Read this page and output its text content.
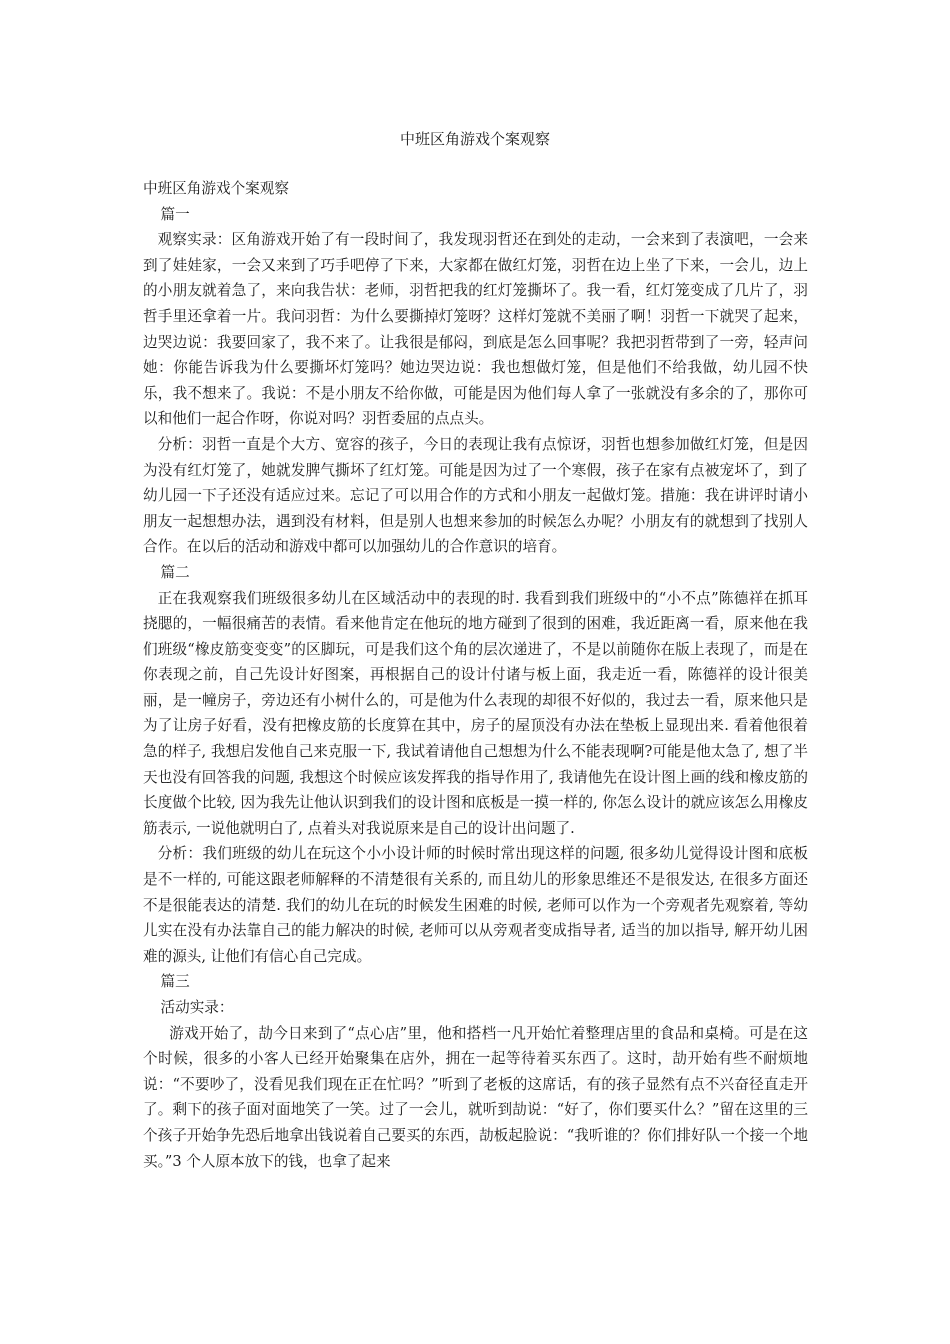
中班区角游戏个案观察

中班区角游戏个案观察

篇一

观察实录：区角游戏开始了有一段时间了，我发现羽哲还在到处的走动，一会来到了表演吧，一会来到了娃娃家，一会又来到了巧手吧停了下来，大家都在做红灯笼，羽哲在边上坐了下来，一会儿，边上的小朋友就着急了，来向我告状：老师，羽哲把我的红灯笼撕坏了。我一看，红灯笼变成了几片了，羽哲手里还拿着一片。我问羽哲：为什么要撕掉灯笼呀？这样灯笼就不美丽了啊！羽哲一下就哭了起来，边哭边说：我要回家了，我不来了。让我很是郁闷，到底是怎么回事呢？我把羽哲带到了一旁，轻声问她：你能告诉我为什么要撕坏灯笼吗？她边哭边说：我也想做灯笼，但是他们不给我做，幼儿园不快乐，我不想来了。我说：不是小朋友不给你做，可能是因为他们每人拿了一张就没有多余的了，那你可以和他们一起合作呀，你说对吗？羽哲委屈的点点头。

分析：羽哲一直是个大方、宽容的孩子，今日的表现让我有点惊讶，羽哲也想参加做红灯笼，但是因为没有红灯笼了，她就发脾气撕坏了红灯笼。可能是因为过了一个寒假，孩子在家有点被宠坏了，到了幼儿园一下子还没有适应过来。忘记了可以用合作的方式和小朋友一起做灯笼。措施：我在讲评时请小朋友一起想想办法，遇到没有材料，但是别人也想来参加的时候怎么办呢？小朋友有的就想到了找别人合作。在以后的活动和游戏中都可以加强幼儿的合作意识的培育。

篇二

正在我观察我们班级很多幼儿在区域活动中的表现的时. 我看到我们班级中的“小不点”陈德祥在抓耳挠腮的，一幅很痛苦的表情。看来他肯定在他玩的地方碰到了很到的困难，我近距离一看，原来他在我们班级“橡皮筋变变变”的区脚玩，可是我们这个角的层次递进了，不是以前随你在版上表现了，而是在你表现之前，自己先设计好图案，再根据自己的设计付诸与板上面，我走近一看，陈德祥的设计很美丽，是一幢房子，旁边还有小树什么的，可是他为什么表现的却很不好似的，我过去一看，原来他只是为了让房子好看，没有把橡皮筋的长度算在其中，房子的屋顶没有办法在垫板上显现出来. 看着他很着急的样子, 我想启发他自己来克服一下, 我试着请他自己想想为什么不能表现啊?可能是他太急了, 想了半天也没有回答我的问题, 我想这个时候应该发挥我的指导作用了, 我请他先在设计图上画的线和橡皮筋的长度做个比较, 因为我先让他认识到我们的设计图和底板是一摸一样的, 你怎么设计的就应该怎么用橡皮筋表示, 一说他就明白了, 点着头对我说原来是自己的设计出问题了.

分析：我们班级的幼儿在玩这个小小设计师的时候时常出现这样的问题, 很多幼儿觉得设计图和底板是不一样的, 可能这跟老师解释的不清楚很有关系的, 而且幼儿的形象思维还不是很发达, 在很多方面还不是很能表达的清楚. 我们的幼儿在玩的时候发生困难的时候, 老师可以作为一个旁观者先观察着, 等幼儿实在没有办法靠自己的能力解决的时候, 老师可以从旁观者变成指导者, 适当的加以指导, 解开幼儿困难的源头, 让他们有信心自己完成。

篇三

活动实录：

游戏开始了，劼今日来到了“点心店”里，他和搭档一凡开始忙着整理店里的食品和桌椅。可是在这个时候，很多的小客人已经开始聚集在店外，拥在一起等待着买东西了。这时，劼开始有些不耐烦地说：“不要吵了，没看见我们现在正在忙吗？”听到了老板的这席话，有的孩子显然有点不兴奋径直走开了。剩下的孩子面对面地笑了一笑。过了一会儿，就听到劼说：“好了，你们要买什么？”留在这里的三个孩子开始争先恐后地拿出钱说着自己要买的东西，劼板起脸说：“我听谁的？你们排好队一个接一个地买。”3 个人原本放下的钱，也拿了起来
